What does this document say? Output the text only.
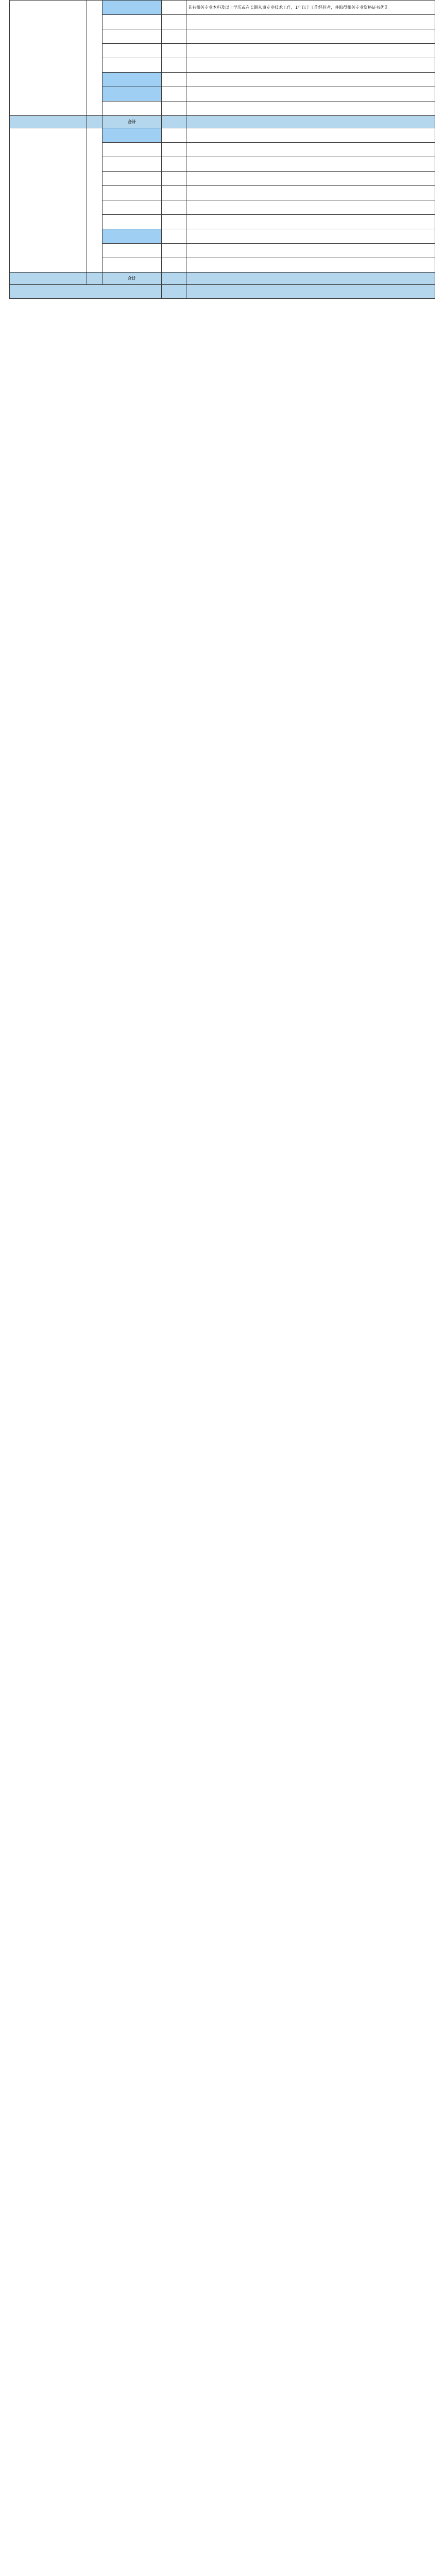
				具有相关专业本科及以上学历或在长期从事专业技术工作，1年以上工作经验者，并取得相关专业资格证书优先

		合计		

		合计		
